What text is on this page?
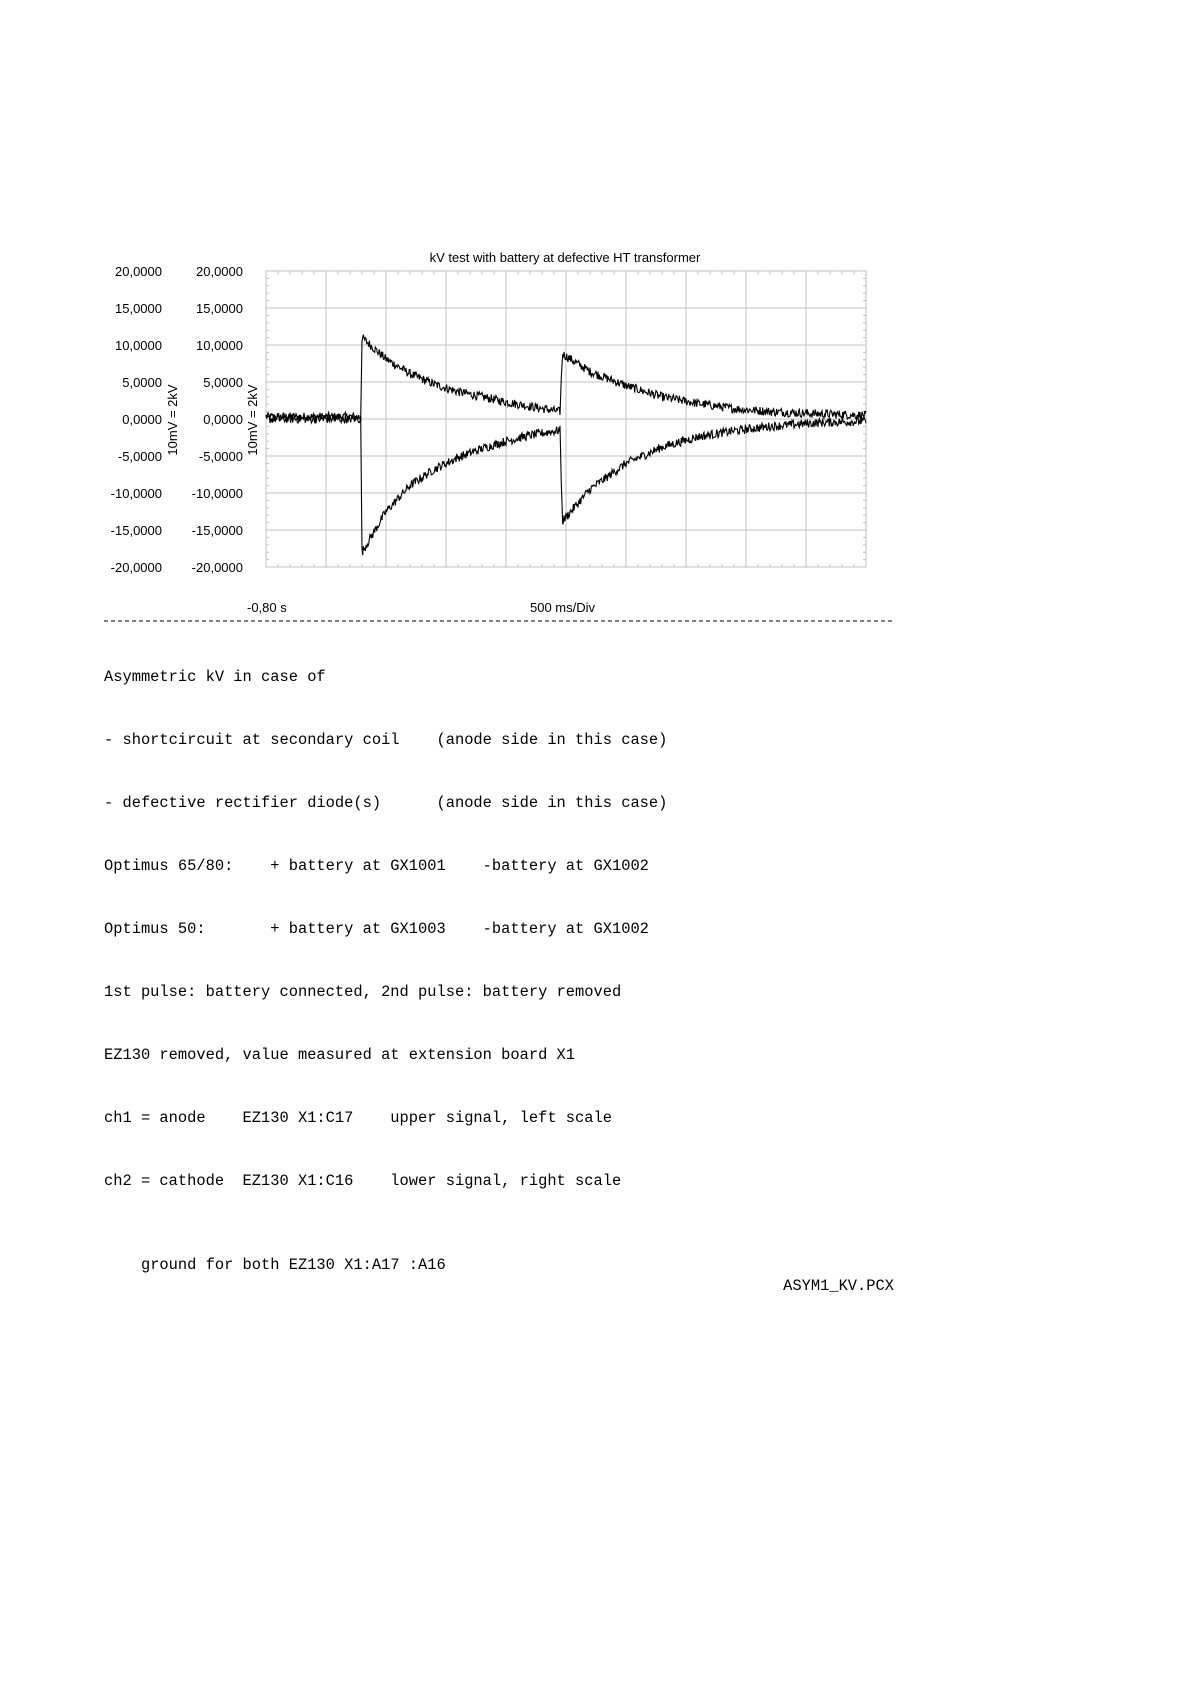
kV test with battery at defective HT transformer
20,0000
15,0000
10,0000
5,0000
0,0000
-5,0000
-10,0000
-15,0000
-20,0000
20,0000
15,0000
10,0000
5,0000
0,0000
-5,0000
-10,0000
-15,0000
-20,0000
10mV = 2kV	10mV = 2kV
-0,80 s	500 ms/Div

Asymmetric kV in case of

- shortcircuit at secondary coil    (anode side in this case)

- defective rectifier diode(s)      (anode side in this case)

Optimus 65/80:    + battery at GX1001    -battery at GX1002

Optimus 50:       + battery at GX1003    -battery at GX1002

1st pulse: battery connected, 2nd pulse: battery removed

EZ130 removed, value measured at extension board X1

ch1 = anode    EZ130 X1:C17    upper signal, left scale

ch2 = cathode  EZ130 X1:C16    lower signal, right scale

ground for both EZ130 X1:A17 :A16

ASYM1_KV.PCX
